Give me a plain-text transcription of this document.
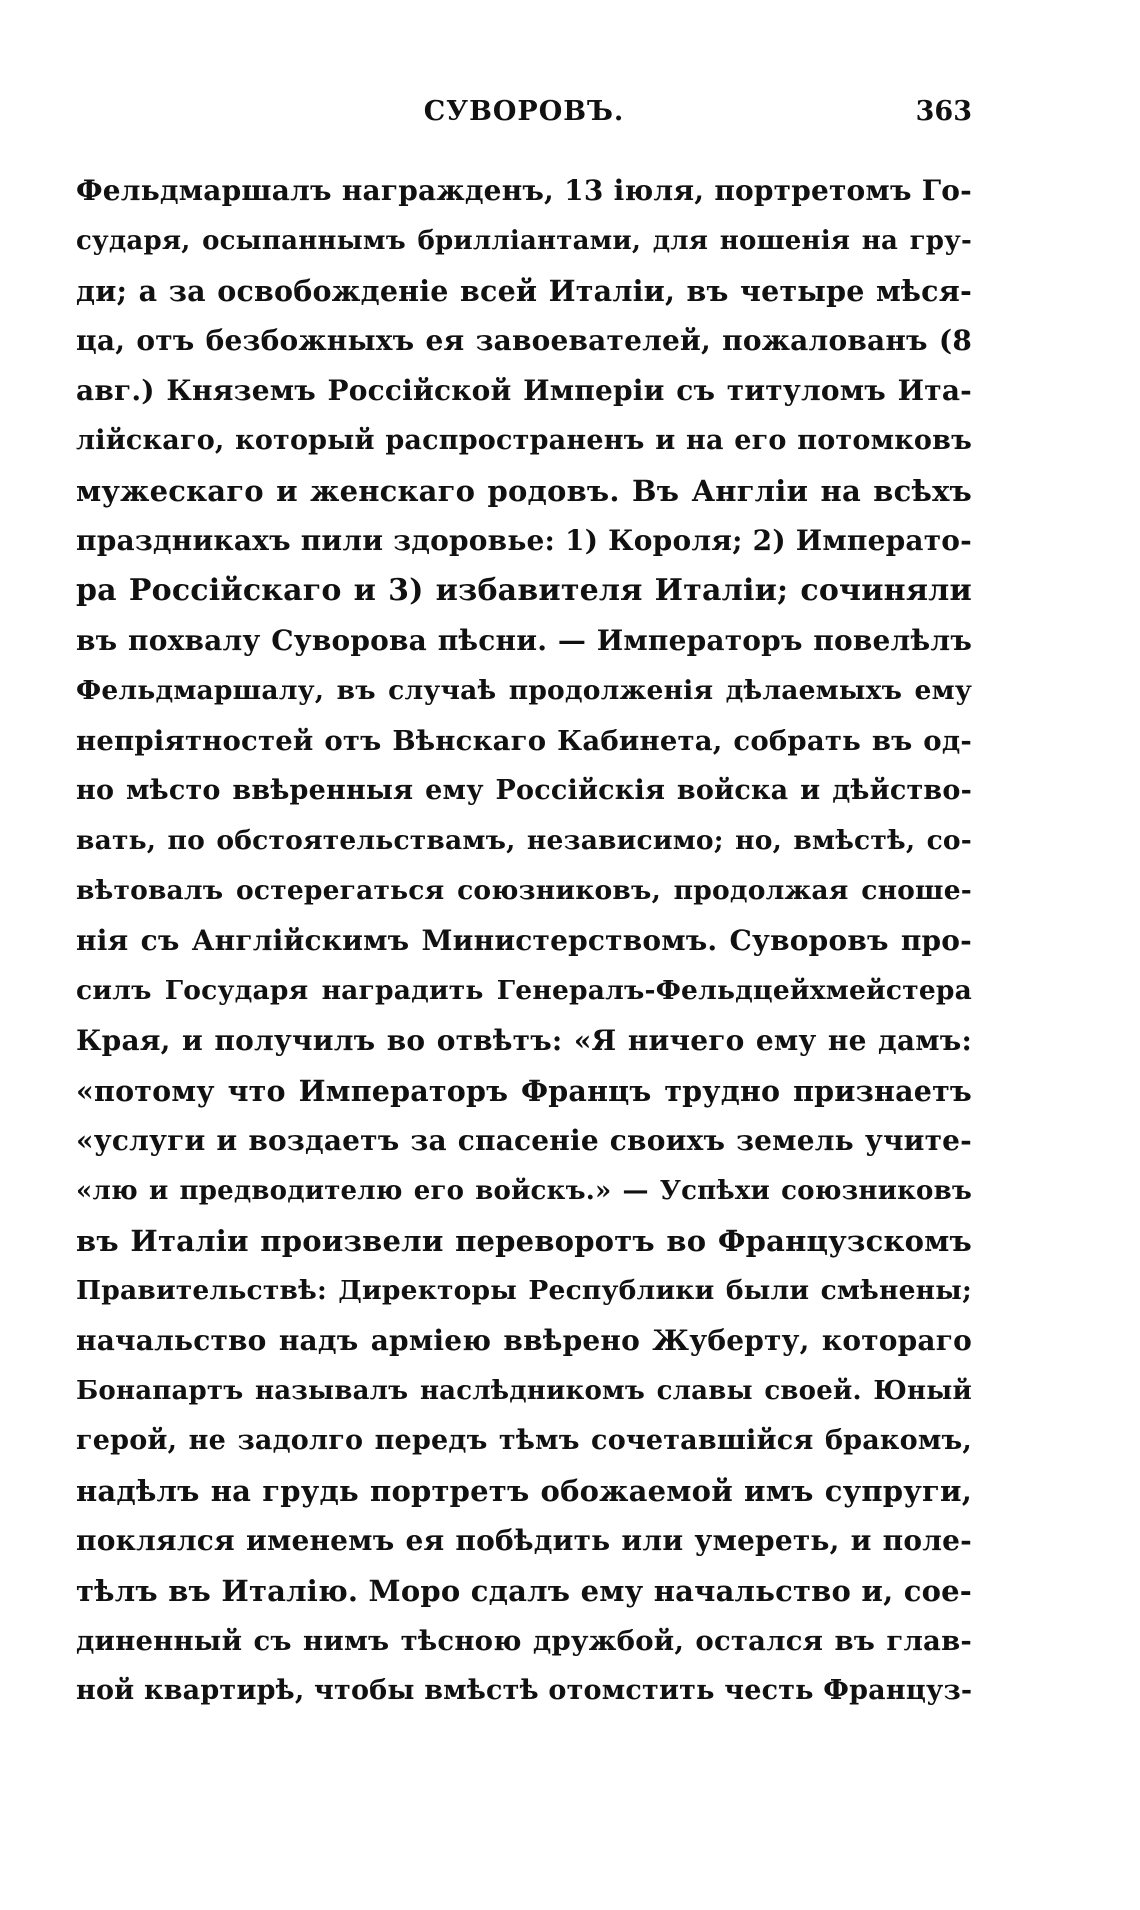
СУВОРОВЪ.	363
Фельдмаршалъ награжденъ, 13 іюля, портретомъ Го-
сударя, осыпаннымъ брилліантами, для ношенія на гру-
ди; а за освобожденіе всей Италіи, въ четыре мѣся-
ца, отъ безбожныхъ ея завоевателей, пожалованъ (8
авг.) Княземъ Россійской Имперіи съ титуломъ Ита-
лійскаго, который распространенъ и на его потомковъ
мужескаго и женскаго родовъ. Въ Англіи на всѣхъ
праздникахъ пили здоровье: 1) Короля; 2) Императо-
ра Россійскаго и 3) избавителя Италіи; сочиняли
въ похвалу Суворова пѣсни. — Императоръ повелѣлъ
Фельдмаршалу, въ случаѣ продолженія дѣлаемыхъ ему
непріятностей отъ Вѣнскаго Кабинета, собрать въ од-
но мѣсто ввѣренныя ему Россійскія войска и дѣйство-
вать, по обстоятельствамъ, независимо; но, вмѣстѣ, со-
вѣтовалъ остерегаться союзниковъ, продолжая сноше-
нія съ Англійскимъ Министерствомъ. Суворовъ про-
силъ Государя наградить Генералъ-Фельдцейхмейстера
Края, и получилъ во отвѣтъ: «Я ничего ему не дамъ:
«потому что Императоръ Францъ трудно признаетъ
«услуги и воздаетъ за спасеніе своихъ земель учите-
«лю и предводителю его войскъ.» — Успѣхи союзниковъ
въ Италіи произвели переворотъ во Французскомъ
Правительствѣ: Директоры Республики были смѣнены;
начальство надъ арміею ввѣрено Жуберту, котораго
Бонапартъ называлъ наслѣдникомъ славы своей. Юный
герой, не задолго передъ тѣмъ сочетавшійся бракомъ,
надѣлъ на грудь портретъ обожаемой имъ супруги,
поклялся именемъ ея побѣдить или умереть, и поле-
тѣлъ въ Италію. Моро сдалъ ему начальство и, сое-
диненный съ нимъ тѣсною дружбой, остался въ глав-
ной квартирѣ, чтобы вмѣстѣ отомстить честь Француз-
